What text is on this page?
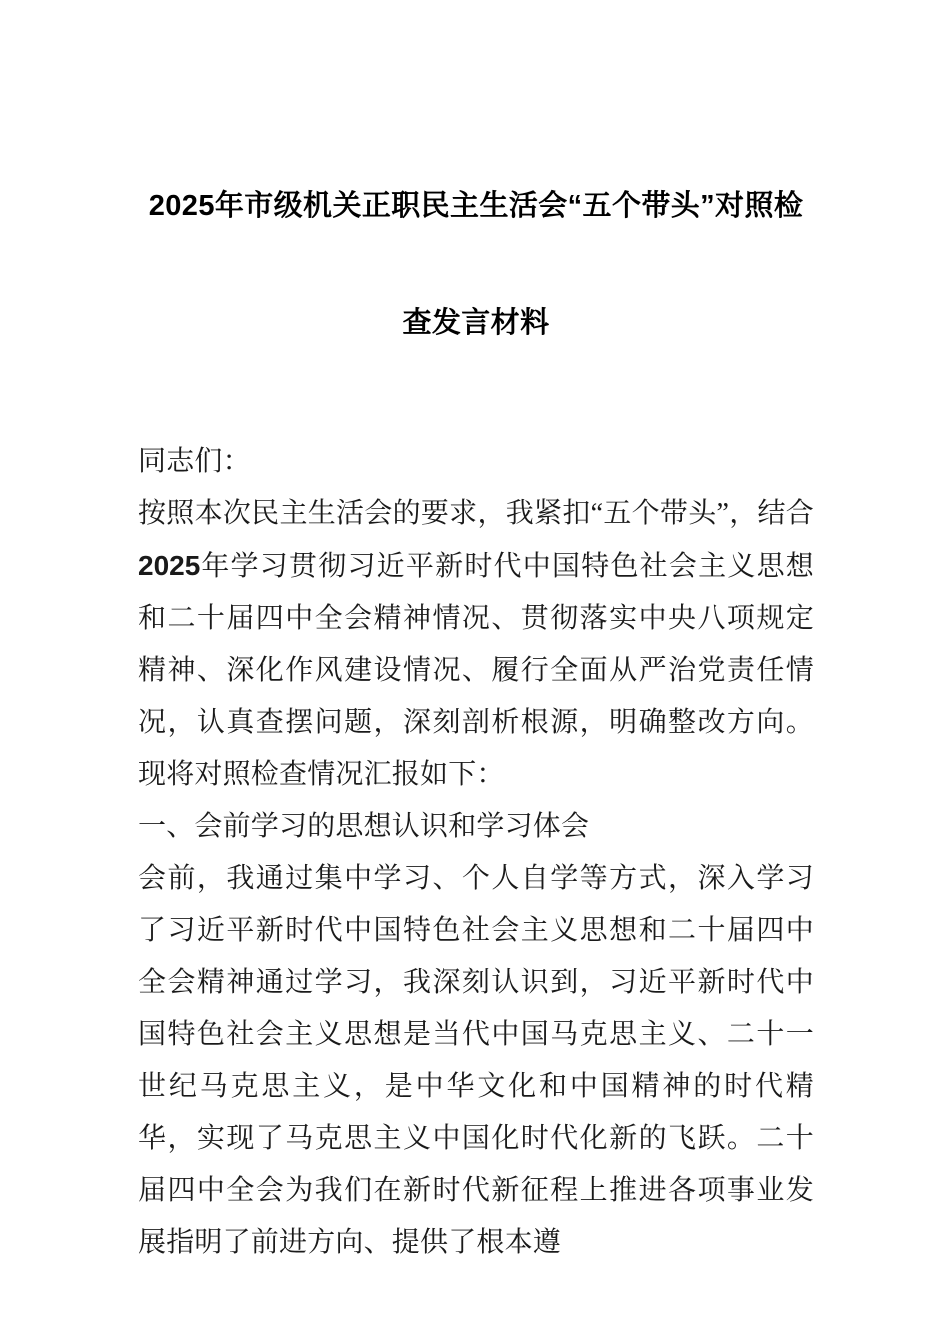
2025年市级机关正职民主生活会“五个带头”对照检查发言材料

同志们：

按照本次民主生活会的要求，我紧扣“五个带头”，结合2025年学习贯彻习近平新时代中国特色社会主义思想和二十届四中全会精神情况、贯彻落实中央八项规定精神、深化作风建设情况、履行全面从严治党责任情况，认真查摆问题，深刻剖析根源，明确整改方向。现将对照检查情况汇报如下：

一、会前学习的思想认识和学习体会

会前，我通过集中学习、个人自学等方式，深入学习了习近平新时代中国特色社会主义思想和二十届四中全会精神通过学习，我深刻认识到，习近平新时代中国特色社会主义思想是当代中国马克思主义、二十一世纪马克思主义，是中华文化和中国精神的时代精华，实现了马克思主义中国化时代化新的飞跃。二十届四中全会为我们在新时代新征程上推进各项事业发展指明了前进方向、提供了根本遵
